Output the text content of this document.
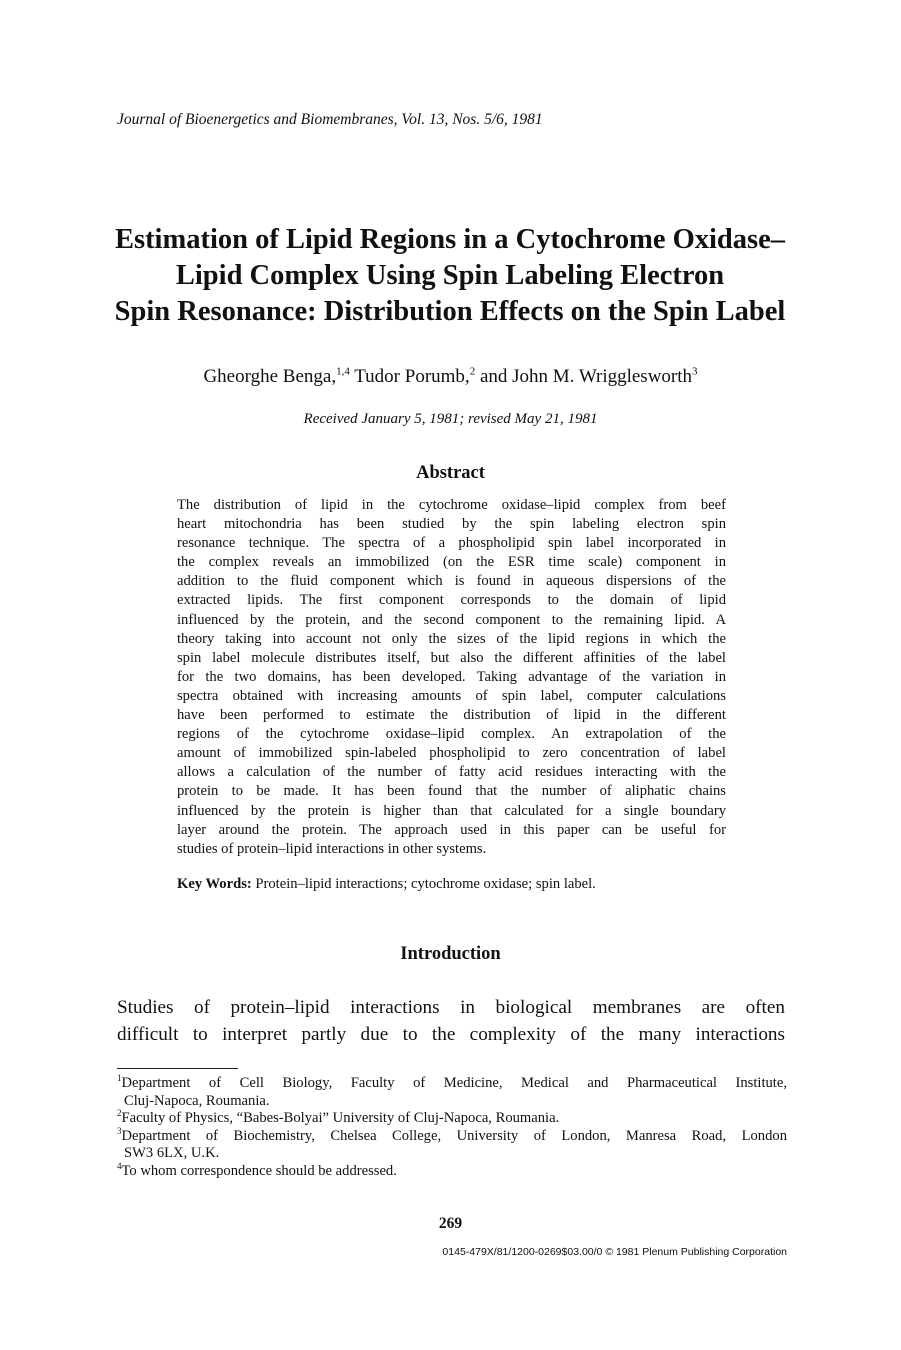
Journal of Bioenergetics and Biomembranes, Vol. 13, Nos. 5/6, 1981
Estimation of Lipid Regions in a Cytochrome Oxidase–
Lipid Complex Using Spin Labeling Electron
Spin Resonance: Distribution Effects on the Spin Label
Gheorghe Benga,$^{1,4}$ Tudor Porumb,$^2$ and John M. Wrigglesworth$^3$
Received January 5, 1981; revised May 21, 1981
Abstract
The distribution of lipid in the cytochrome oxidase–lipid complex from beef
heart mitochondria has been studied by the spin labeling electron spin
resonance technique. The spectra of a phospholipid spin label incorporated in
the complex reveals an immobilized (on the ESR time scale) component in
addition to the fluid component which is found in aqueous dispersions of the
extracted lipids. The first component corresponds to the domain of lipid
influenced by the protein, and the second component to the remaining lipid. A
theory taking into account not only the sizes of the lipid regions in which the
spin label molecule distributes itself, but also the different affinities of the label
for the two domains, has been developed. Taking advantage of the variation in
spectra obtained with increasing amounts of spin label, computer calculations
have been performed to estimate the distribution of lipid in the different
regions of the cytochrome oxidase–lipid complex. An extrapolation of the
amount of immobilized spin-labeled phospholipid to zero concentration of label
allows a calculation of the number of fatty acid residues interacting with the
protein to be made. It has been found that the number of aliphatic chains
influenced by the protein is higher than that calculated for a single boundary
layer around the protein. The approach used in this paper can be useful for
studies of protein–lipid interactions in other systems.
Key Words: Protein–lipid interactions; cytochrome oxidase; spin label.
Introduction
Studies of protein–lipid interactions in biological membranes are often
difficult to interpret partly due to the complexity of the many interactions
$^1$Department of Cell Biology, Faculty of Medicine, Medical and Pharmaceutical Institute,
Cluj-Napoca, Roumania.
$^2$Faculty of Physics, “Babes-Bolyai” University of Cluj-Napoca, Roumania.
$^3$Department of Biochemistry, Chelsea College, University of London, Manresa Road, London
SW3 6LX, U.K.
$^4$To whom correspondence should be addressed.
269
0145-479X/81/1200-0269$03.00/0 © 1981 Plenum Publishing Corporation
